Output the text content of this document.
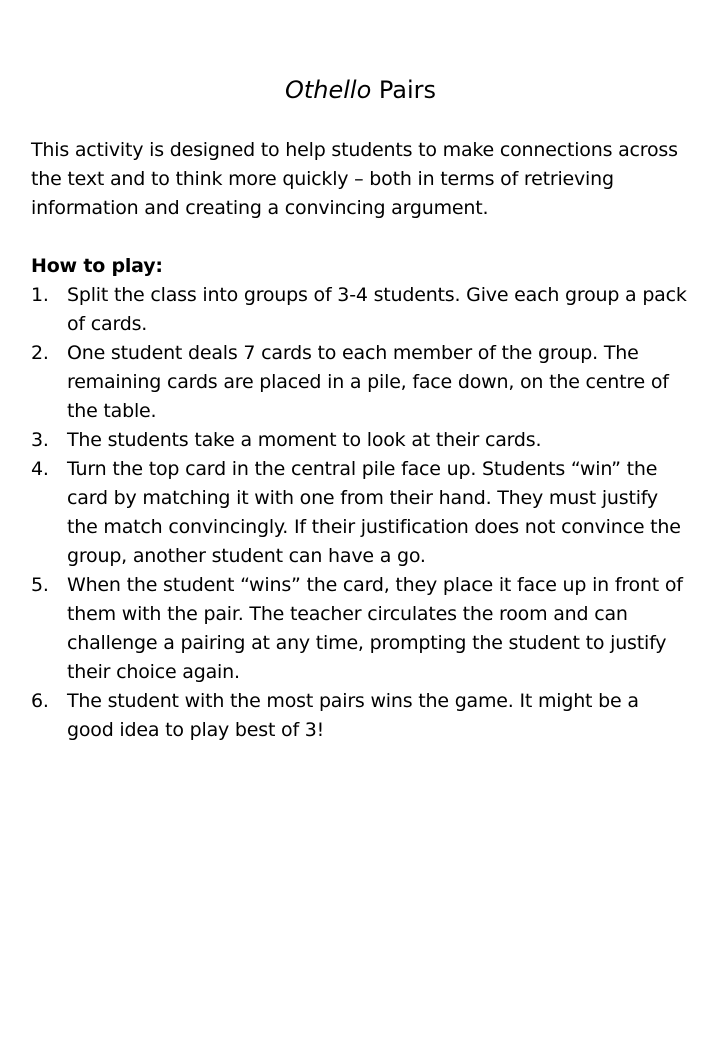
Othello Pairs

This activity is designed to help students to make connections across the text and to think more quickly – both in terms of retrieving information and creating a convincing argument.

How to play:

1. Split the class into groups of 3-4 students. Give each group a pack of cards.
2. One student deals 7 cards to each member of the group. The remaining cards are placed in a pile, face down, on the centre of the table.
3. The students take a moment to look at their cards.
4. Turn the top card in the central pile face up. Students “win” the card by matching it with one from their hand. They must justify the match convincingly. If their justification does not convince the group, another student can have a go.
5. When the student “wins” the card, they place it face up in front of them with the pair. The teacher circulates the room and can challenge a pairing at any time, prompting the student to justify their choice again.
6. The student with the most pairs wins the game. It might be a good idea to play best of 3!
